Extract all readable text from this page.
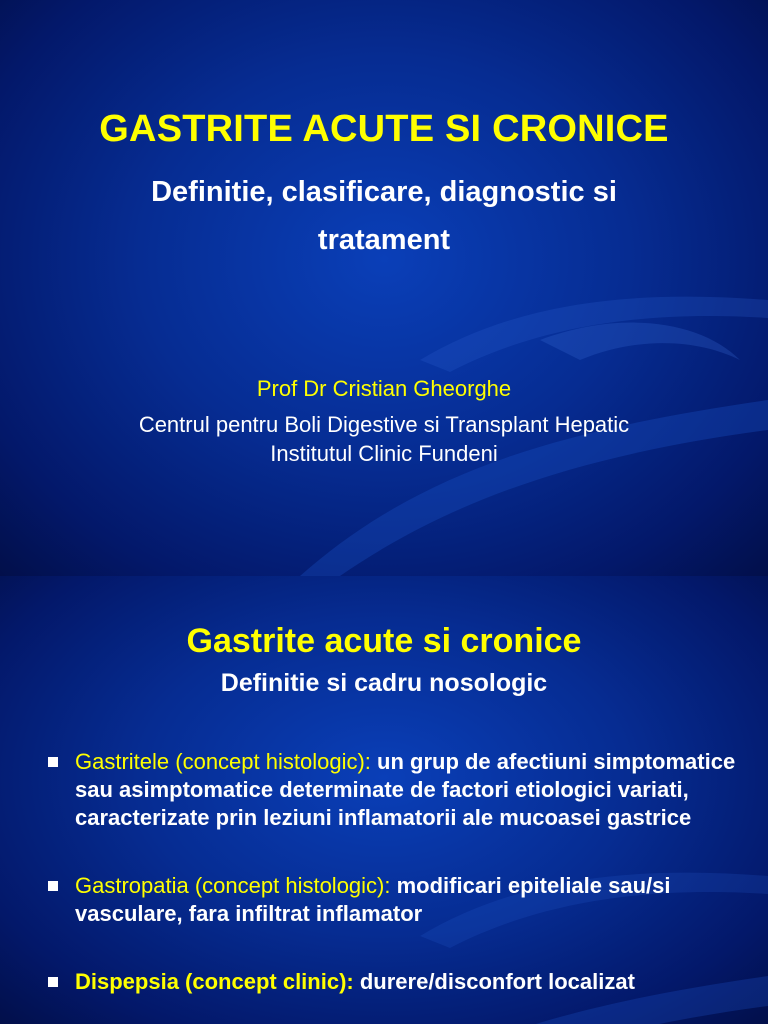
GASTRITE ACUTE SI CRONICE
Definitie, clasificare, diagnostic si
tratament
Prof Dr Cristian Gheorghe
Centrul pentru Boli Digestive si Transplant Hepatic
Institutul Clinic Fundeni
Gastrite acute si cronice
Definitie si cadru nosologic
Gastritele (concept histologic): un grup de afectiuni simptomatice sau asimptomatice determinate de factori etiologici variati, caracterizate prin leziuni inflamatorii ale mucoasei gastrice
Gastropatia (concept histologic): modificari epiteliale sau/si vasculare, fara infiltrat inflamator
Dispepsia (concept clinic): durere/disconfort localizat
